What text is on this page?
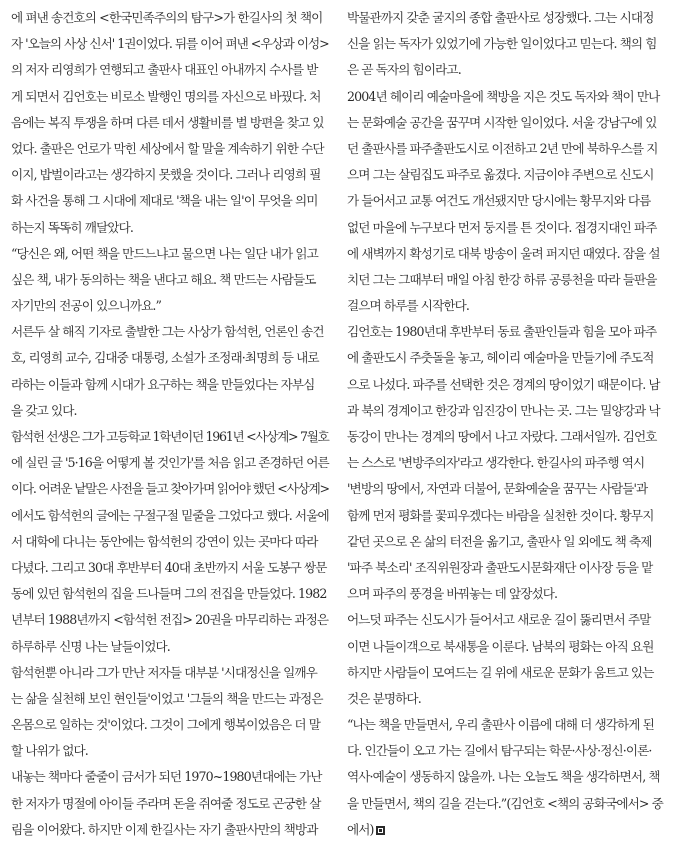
에 펴낸 송건호의 <한국민족주의의 탐구>가 한길사의 첫 책이
자 '오늘의 사상 신서' 1권이었다. 뒤를 이어 펴낸 <우상과 이성>
의 저자 리영희가 연행되고 출판사 대표인 아내까지 수사를 받
게 되면서 김언호는 비로소 발행인 명의를 자신으로 바꿨다. 처
음에는 복직 투쟁을 하며 다른 데서 생활비를 벌 방편을 찾고 있
었다. 출판은 언로가 막힌 세상에서 할 말을 계속하기 위한 수단
이지, 밥벌이라고는 생각하지 못했을 것이다. 그러나 리영희 필
화 사건을 통해 그 시대에 제대로 '책을 내는 일'이 무엇을 의미
하는지 똑똑히 깨달았다.
“당신은 왜, 어떤 책을 만드느냐고 물으면 나는 일단 내가 읽고
싶은 책, 내가 동의하는 책을 낸다고 해요. 책 만드는 사람들도
자기만의 전공이 있으니까요.”
서른두 살 해직 기자로 출발한 그는 사상가 함석헌, 언론인 송건
호, 리영희 교수, 김대중 대통령, 소설가 조정래·최명희 등 내로
라하는 이들과 함께 시대가 요구하는 책을 만들었다는 자부심
을 갖고 있다.
함석헌 선생은 그가 고등학교 1학년이던 1961년 <사상계> 7월호
에 실린 글 '5·16을 어떻게 볼 것인가'를 처음 읽고 존경하던 어른
이다. 어려운 낱말은 사전을 들고 찾아가며 읽어야 했던 <사상계>
에서도 함석헌의 글에는 구절구절 밑줄을 그었다고 했다. 서울에
서 대학에 다니는 동안에는 함석헌의 강연이 있는 곳마다 따라
다녔다. 그리고 30대 후반부터 40대 초반까지 서울 도봉구 쌍문
동에 있던 함석헌의 집을 드나들며 그의 전집을 만들었다. 1982
년부터 1988년까지 <함석헌 전집> 20권을 마무리하는 과정은
하루하루 신명 나는 날들이었다.
함석헌뿐 아니라 그가 만난 저자들 대부분 '시대정신을 일깨우
는 삶을 실천해 보인 현인들'이었고 '그들의 책을 만드는 과정은
온몸으로 일하는 것'이었다. 그것이 그에게 행복이었음은 더 말
할 나위가 없다.
내놓는 책마다 줄줄이 금서가 되던 1970~1980년대에는 가난
한 저자가 명절에 아이들 주라며 돈을 쥐여줄 정도로 곤궁한 살
림을 이어왔다. 하지만 이제 한길사는 자기 출판사만의 책방과
박물관까지 갖춘 굴지의 종합 출판사로 성장했다. 그는 시대정
신을 읽는 독자가 있었기에 가능한 일이었다고 믿는다. 책의 힘
은 곧 독자의 힘이라고.
2004년 헤이리 예술마을에 책방을 지은 것도 독자와 책이 만나
는 문화예술 공간을 꿈꾸며 시작한 일이었다. 서울 강남구에 있
던 출판사를 파주출판도시로 이전하고 2년 만에 북하우스를 지
으며 그는 살림집도 파주로 옮겼다. 지금이야 주변으로 신도시
가 들어서고 교통 여건도 개선됐지만 당시에는 황무지와 다름
없던 마을에 누구보다 먼저 둥지를 튼 것이다. 접경지대인 파주
에 새벽까지 확성기로 대북 방송이 울려 퍼지던 때였다. 잠을 설
치던 그는 그때부터 매일 아침 한강 하류 공릉천을 따라 들판을
걸으며 하루를 시작한다.
김언호는 1980년대 후반부터 동료 출판인들과 힘을 모아 파주
에 출판도시 주춧돌을 놓고, 헤이리 예술마을 만들기에 주도적
으로 나섰다. 파주를 선택한 것은 경계의 땅이었기 때문이다. 남
과 북의 경계이고 한강과 임진강이 만나는 곳. 그는 밀양강과 낙
동강이 만나는 경계의 땅에서 나고 자랐다. 그래서일까. 김언호
는 스스로 '변방주의자'라고 생각한다. 한길사의 파주행 역시
'변방의 땅에서, 자연과 더불어, 문화예술을 꿈꾸는 사람들'과
함께 먼저 평화를 꽃피우겠다는 바람을 실천한 것이다. 황무지
같던 곳으로 온 삶의 터전을 옮기고, 출판사 일 외에도 책 축제
'파주 북소리' 조직위원장과 출판도시문화재단 이사장 등을 맡
으며 파주의 풍경을 바꿔놓는 데 앞장섰다.
어느덧 파주는 신도시가 들어서고 새로운 길이 뚫리면서 주말
이면 나들이객으로 북새통을 이룬다. 남북의 평화는 아직 요원
하지만 사람들이 모여드는 길 위에 새로운 문화가 움트고 있는
것은 분명하다.
“나는 책을 만들면서, 우리 출판사 이름에 대해 더 생각하게 된
다. 인간들이 오고 가는 길에서 탐구되는 학문·사상·정신·이론·
역사·예술이 생동하지 않을까. 나는 오늘도 책을 생각하면서, 책
을 만들면서, 책의 길을 걷는다.”(김언호 <책의 공화국에서> 중
에서)
